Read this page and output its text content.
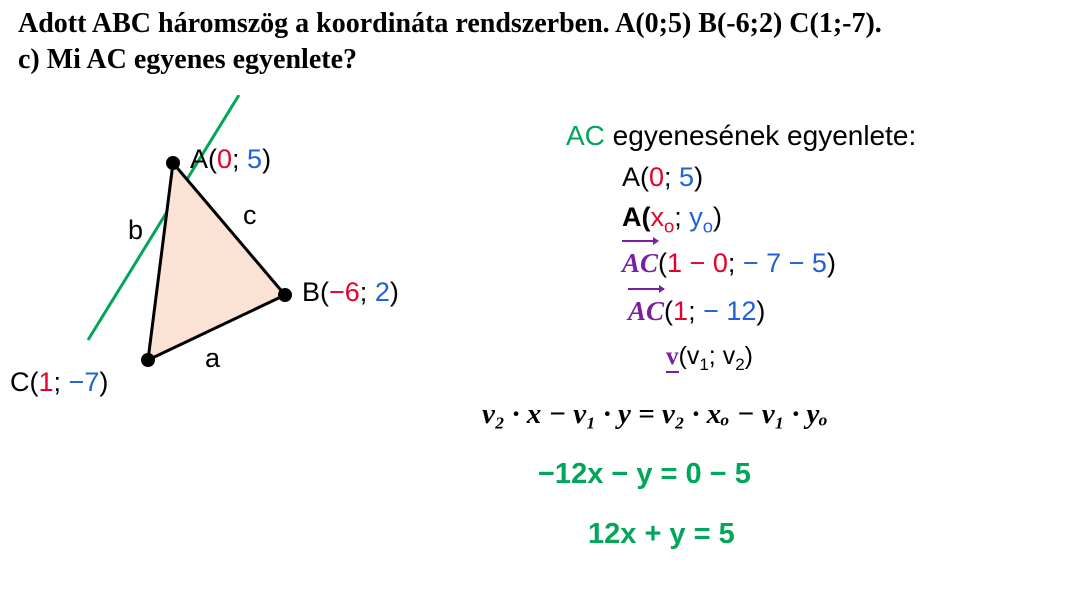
Adott ABC háromszög a koordináta rendszerben. A(0;5) B(-6;2) C(1;-7).
c) Mi AC egyenes egyenlete?
A(0; 5)
B(−6; 2)
C(1; −7)
b	c
a
AC egyenesének egyenlete:
A(0; 5)
$A(x_o$; $y_o$)
AC(1 − 0; − 7 − 5)
AC(1; − 12)
$v(v_1$; $v_2$)
v₂ · x − v₁ · y = v₂ · xₒ − v₁ · yₒ
−12x − y = 0 − 5
12x + y = 5
